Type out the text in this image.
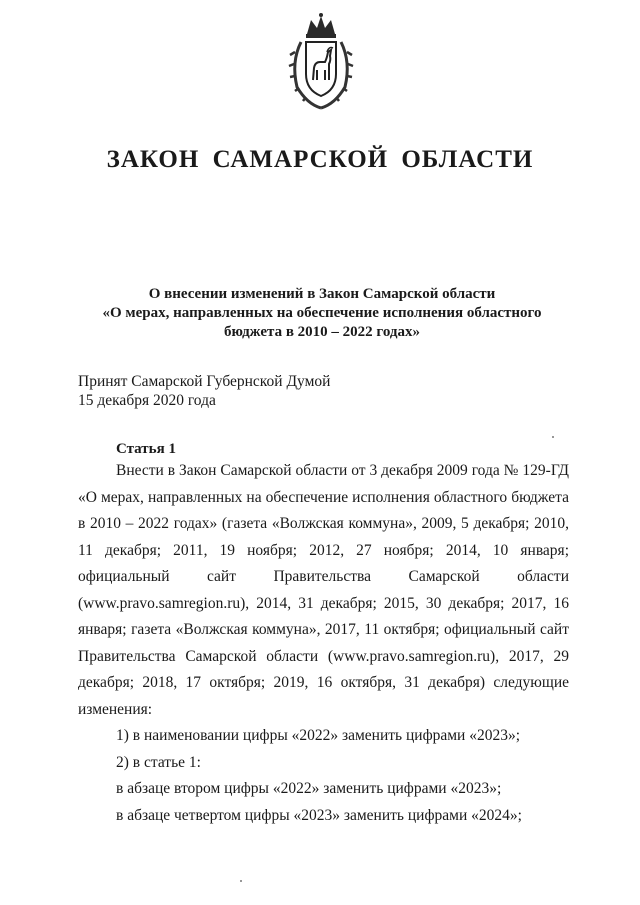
ЗАКОН САМАРСКОЙ ОБЛАСТИ
О внесении изменений в Закон Самарской области
«О мерах, направленных на обеспечение исполнения областного
бюджета в 2010 – 2022 годах»
Принят Самарской Губернской Думой
15 декабря 2020 года
Статья 1

Внести в Закон Самарской области от 3 декабря 2009 года № 129-ГД «О мерах, направленных на обеспечение исполнения областного бюджета в 2010 – 2022 годах» (газета «Волжская коммуна», 2009, 5 декабря; 2010, 11 декабря; 2011, 19 ноября; 2012, 27 ноября; 2014, 10 января; официальный сайт Правительства Самарской области (www.pravo.samregion.ru), 2014, 31 декабря; 2015, 30 декабря; 2017, 16 января; газета «Волжская коммуна», 2017, 11 октября; официальный сайт Правительства Самарской области (www.pravo.samregion.ru), 2017, 29 декабря; 2018, 17 октября; 2019, 16 октября, 31 декабря) следующие изменения:

1) в наименовании цифры «2022» заменить цифрами «2023»;
2) в статье 1:
в абзаце втором цифры «2022» заменить цифрами «2023»;
в абзаце четвертом цифры «2023» заменить цифрами «2024»;
